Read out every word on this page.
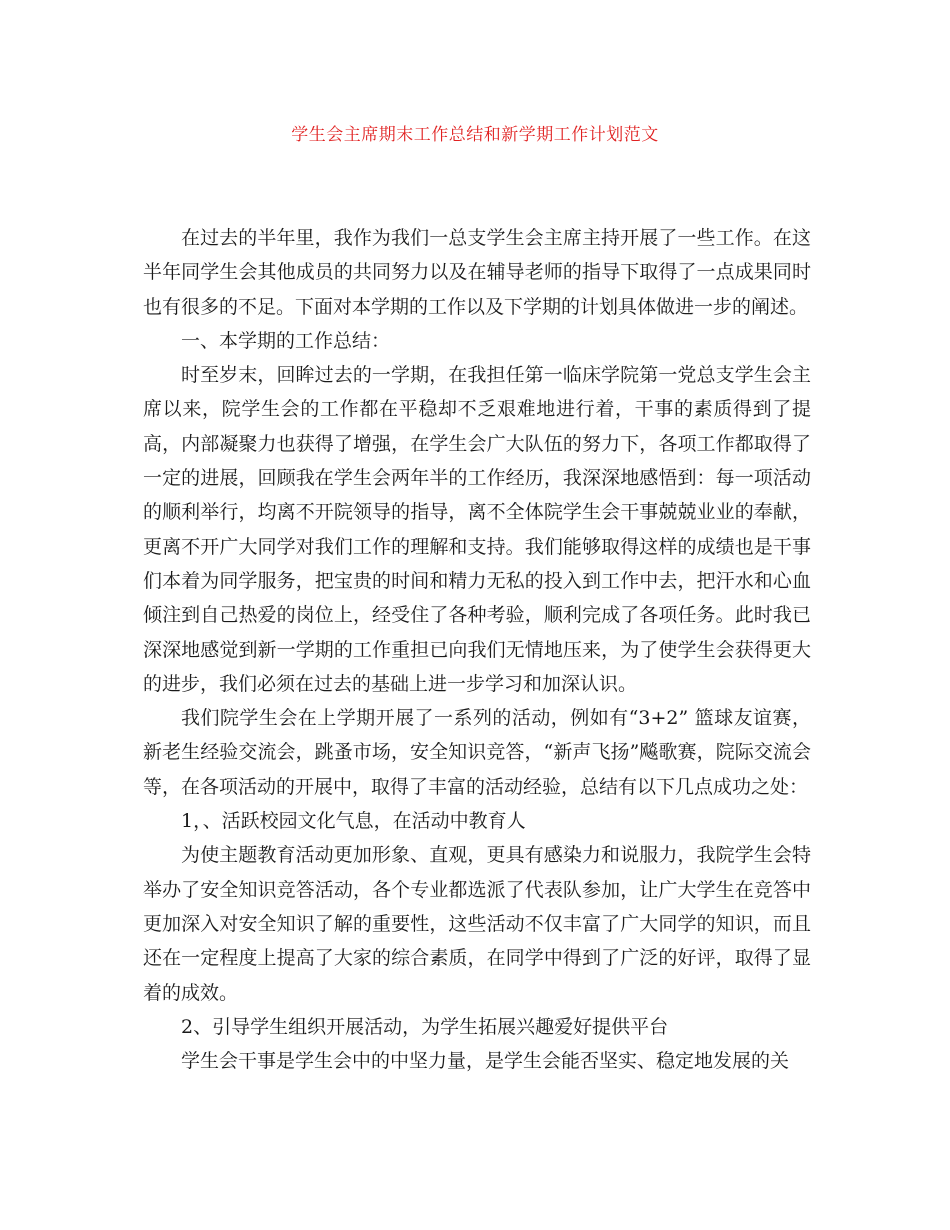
学生会主席期末工作总结和新学期工作计划范文

在过去的半年里，我作为我们一总支学生会主席主持开展了一些工作。在这半年同学生会其他成员的共同努力以及在辅导老师的指导下取得了一点成果同时也有很多的不足。下面对本学期的工作以及下学期的计划具体做进一步的阐述。

一、本学期的工作总结：

时至岁末，回眸过去的一学期，在我担任第一临床学院第一党总支学生会主席以来，院学生会的工作都在平稳却不乏艰难地进行着，干事的素质得到了提高，内部凝聚力也获得了增强，在学生会广大队伍的努力下，各项工作都取得了一定的进展，回顾我在学生会两年半的工作经历，我深深地感悟到：每一项活动的顺利举行，均离不开院领导的指导，离不全体院学生会干事兢兢业业的奉献，更离不开广大同学对我们工作的理解和支持。我们能够取得这样的成绩也是干事们本着为同学服务，把宝贵的时间和精力无私的投入到工作中去，把汗水和心血倾注到自己热爱的岗位上，经受住了各种考验，顺利完成了各项任务。此时我已深深地感觉到新一学期的工作重担已向我们无情地压来，为了使学生会获得更大的进步，我们必须在过去的基础上进一步学习和加深认识。

我们院学生会在上学期开展了一系列的活动，例如有“3+2” 篮球友谊赛，新老生经验交流会，跳蚤市场，安全知识竞答，“新声飞扬”飚歌赛，院际交流会等，在各项活动的开展中，取得了丰富的活动经验，总结有以下几点成功之处：

1，、活跃校园文化气息，在活动中教育人

为使主题教育活动更加形象、直观，更具有感染力和说服力，我院学生会特举办了安全知识竞答活动，各个专业都选派了代表队参加，让广大学生在竞答中更加深入对安全知识了解的重要性，这些活动不仅丰富了广大同学的知识，而且还在一定程度上提高了大家的综合素质，在同学中得到了广泛的好评，取得了显着的成效。

2、引导学生组织开展活动，为学生拓展兴趣爱好提供平台

学生会干事是学生会中的中坚力量，是学生会能否坚实、稳定地发展的关
